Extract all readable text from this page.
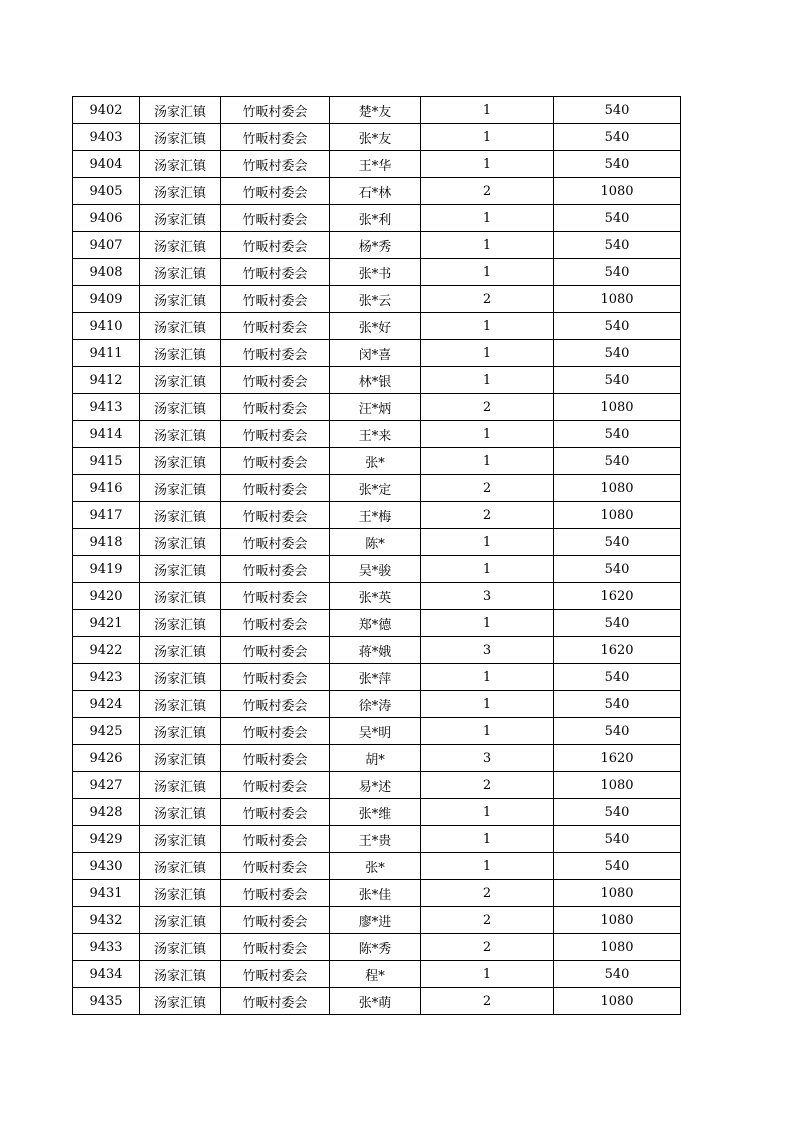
9402	汤家汇镇	竹畈村委会	楚*友	1	540
9403	汤家汇镇	竹畈村委会	张*友	1	540
9404	汤家汇镇	竹畈村委会	王*华	1	540
9405	汤家汇镇	竹畈村委会	石*林	2	1080
9406	汤家汇镇	竹畈村委会	张*利	1	540
9407	汤家汇镇	竹畈村委会	杨*秀	1	540
9408	汤家汇镇	竹畈村委会	张*书	1	540
9409	汤家汇镇	竹畈村委会	张*云	2	1080
9410	汤家汇镇	竹畈村委会	张*好	1	540
9411	汤家汇镇	竹畈村委会	闵*喜	1	540
9412	汤家汇镇	竹畈村委会	林*银	1	540
9413	汤家汇镇	竹畈村委会	汪*炳	2	1080
9414	汤家汇镇	竹畈村委会	王*来	1	540
9415	汤家汇镇	竹畈村委会	张*	1	540
9416	汤家汇镇	竹畈村委会	张*定	2	1080
9417	汤家汇镇	竹畈村委会	王*梅	2	1080
9418	汤家汇镇	竹畈村委会	陈*	1	540
9419	汤家汇镇	竹畈村委会	吴*骏	1	540
9420	汤家汇镇	竹畈村委会	张*英	3	1620
9421	汤家汇镇	竹畈村委会	郑*德	1	540
9422	汤家汇镇	竹畈村委会	蒋*娥	3	1620
9423	汤家汇镇	竹畈村委会	张*萍	1	540
9424	汤家汇镇	竹畈村委会	徐*涛	1	540
9425	汤家汇镇	竹畈村委会	吴*明	1	540
9426	汤家汇镇	竹畈村委会	胡*	3	1620
9427	汤家汇镇	竹畈村委会	易*述	2	1080
9428	汤家汇镇	竹畈村委会	张*维	1	540
9429	汤家汇镇	竹畈村委会	王*贵	1	540
9430	汤家汇镇	竹畈村委会	张*	1	540
9431	汤家汇镇	竹畈村委会	张*佳	2	1080
9432	汤家汇镇	竹畈村委会	廖*进	2	1080
9433	汤家汇镇	竹畈村委会	陈*秀	2	1080
9434	汤家汇镇	竹畈村委会	程*	1	540
9435	汤家汇镇	竹畈村委会	张*萌	2	1080
